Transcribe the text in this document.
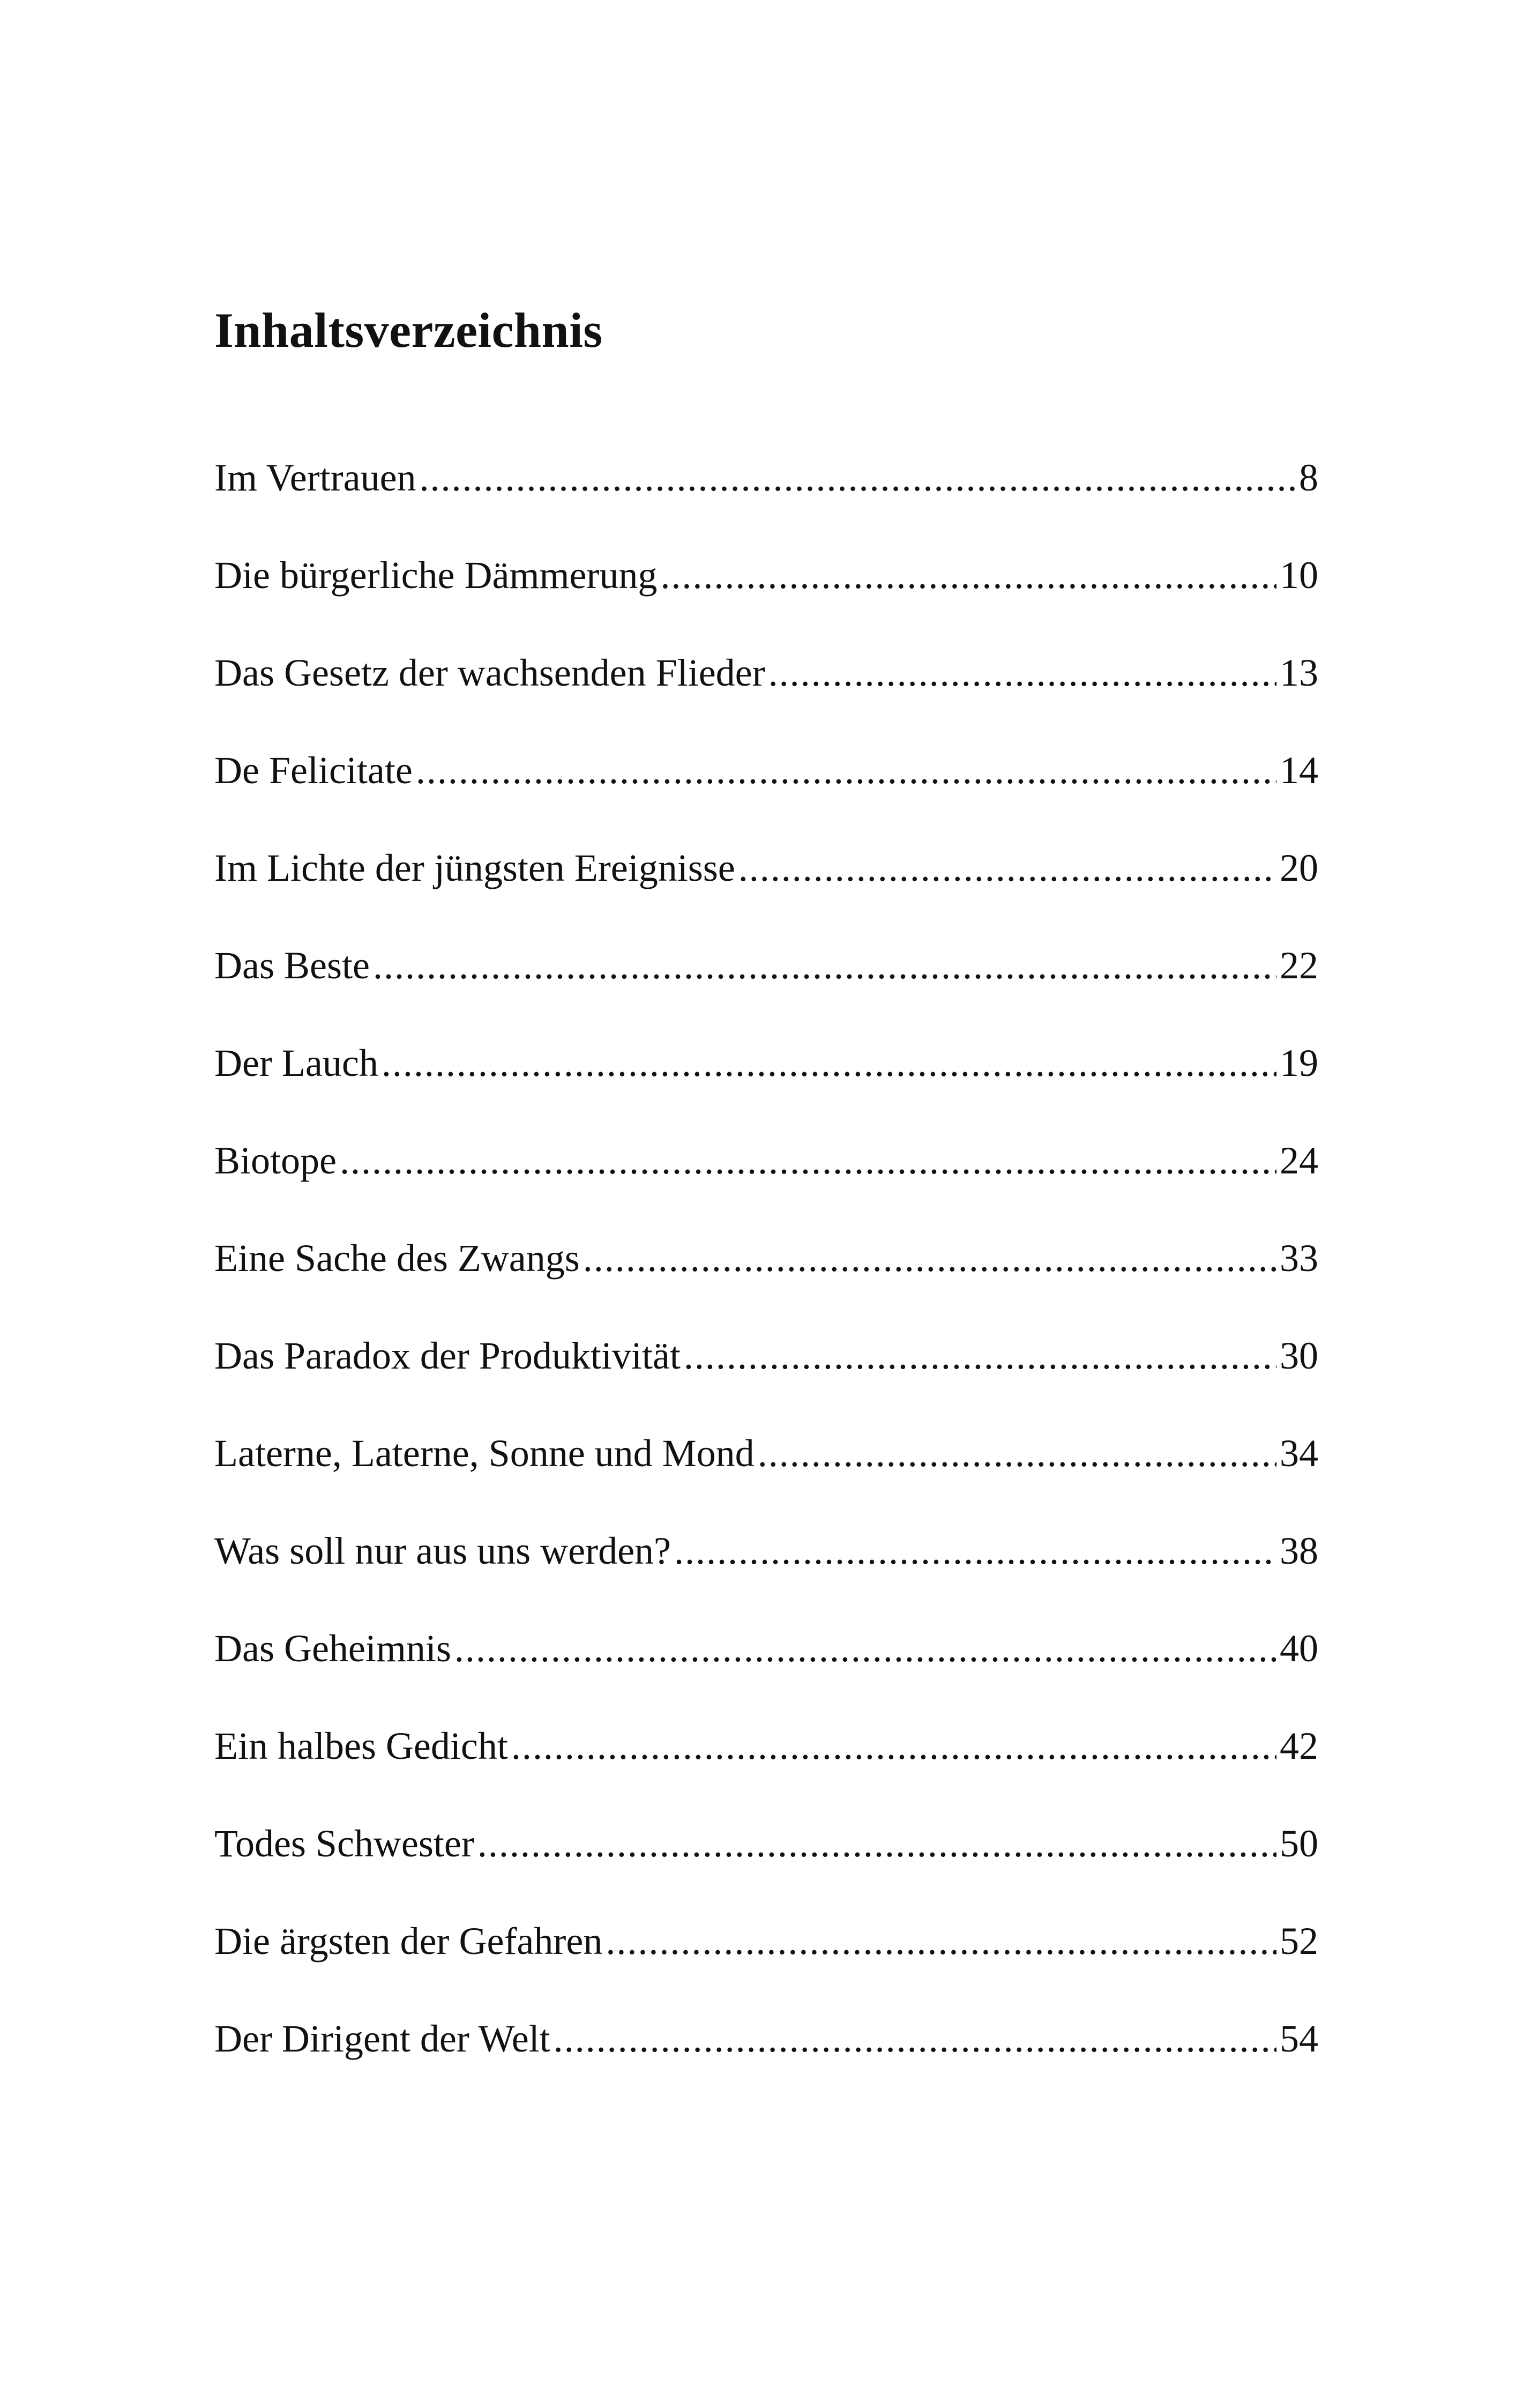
Inhaltsverzeichnis
Im Vertrauen .....	8
Die bürgerliche Dämmerung .....	10
Das Gesetz der wachsenden Flieder .....	13
De Felicitate .....	14
Im Lichte der jüngsten Ereignisse .....	20
Das Beste .....	22
Der Lauch .....	19
Biotope .....	24
Eine Sache des Zwangs .....	33
Das Paradox der Produktivität .....	30
Laterne, Laterne, Sonne und Mond .....	34
Was soll nur aus uns werden? .....	38
Das Geheimnis .....	40
Ein halbes Gedicht .....	42
Todes Schwester .....	50
Die ärgsten der Gefahren .....	52
Der Dirigent der Welt .....	54
